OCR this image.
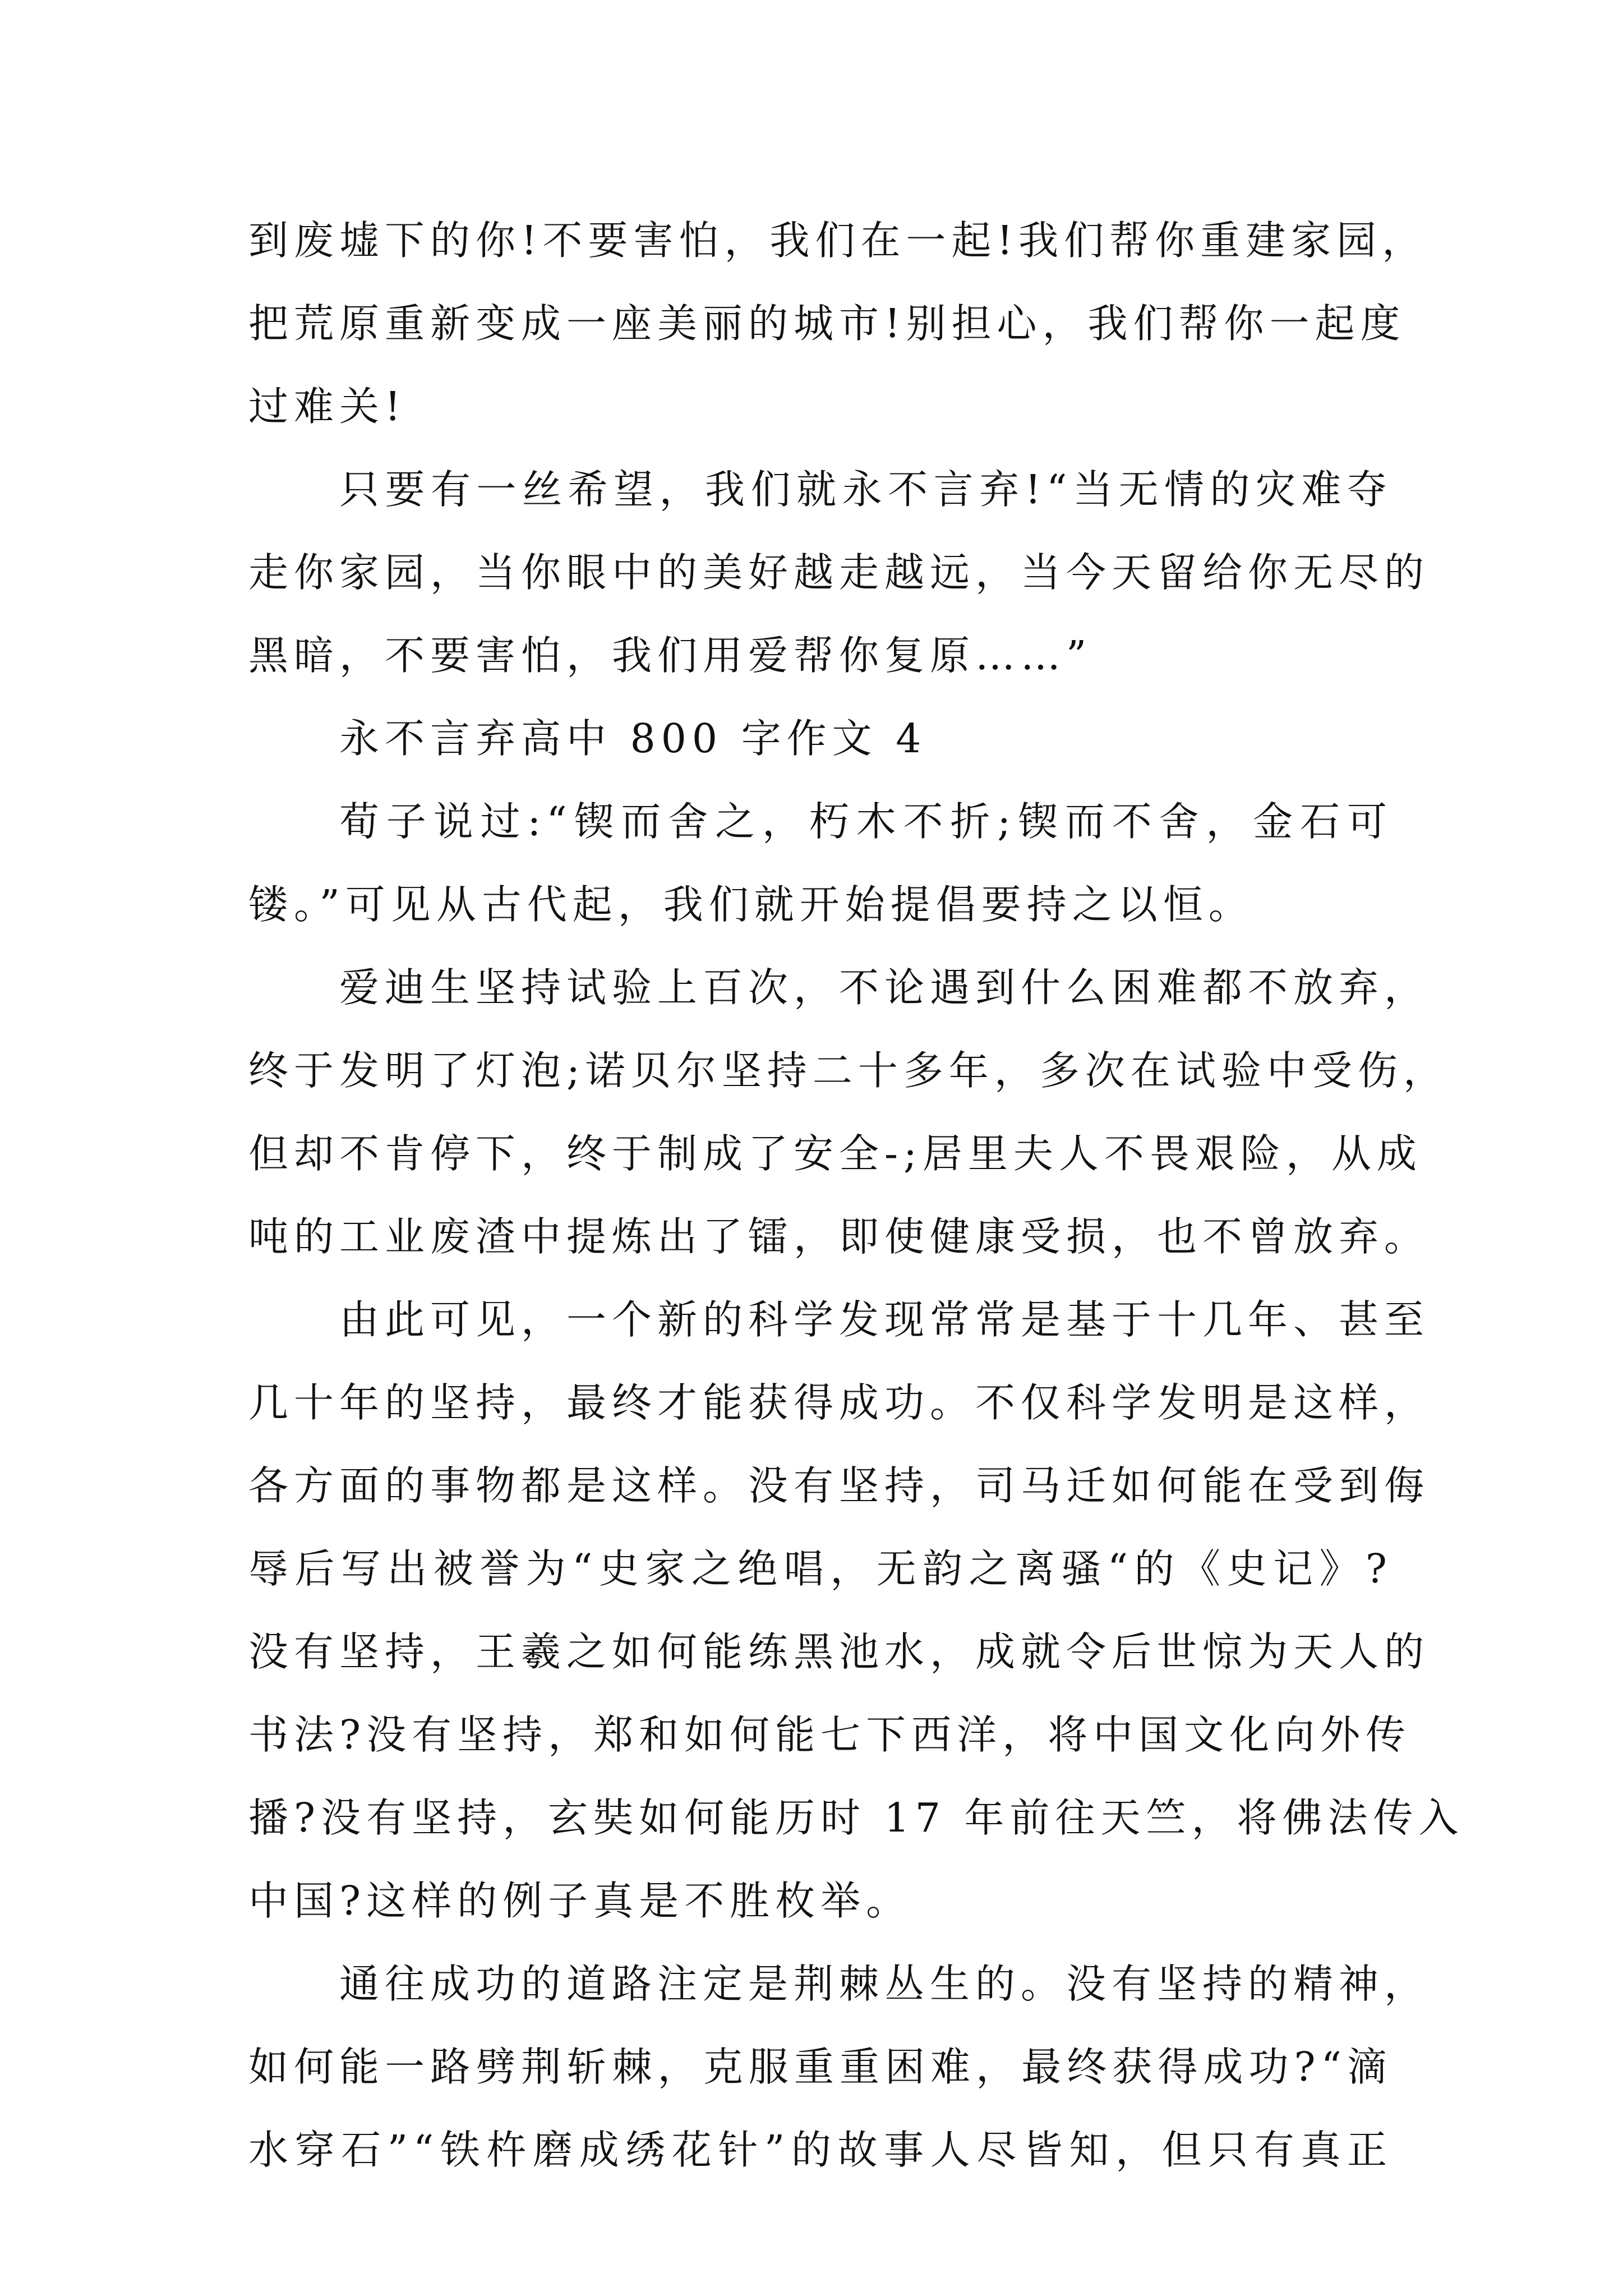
到废墟下的你!不要害怕，我们在一起!我们帮你重建家园，
把荒原重新变成一座美丽的城市!别担心，我们帮你一起度
过难关!

只要有一丝希望，我们就永不言弃!“当无情的灾难夺
走你家园，当你眼中的美好越走越远，当今天留给你无尽的
黑暗，不要害怕，我们用爱帮你复原……”

永不言弃高中 800 字作文 4

荀子说过:“锲而舍之，朽木不折;锲而不舍，金石可
镂。”可见从古代起，我们就开始提倡要持之以恒。

爱迪生坚持试验上百次，不论遇到什么困难都不放弃，
终于发明了灯泡;诺贝尔坚持二十多年，多次在试验中受伤，
但却不肯停下，终于制成了安全-;居里夫人不畏艰险，从成
吨的工业废渣中提炼出了镭，即使健康受损，也不曾放弃。

由此可见，一个新的科学发现常常是基于十几年、甚至
几十年的坚持，最终才能获得成功。不仅科学发明是这样，
各方面的事物都是这样。没有坚持，司马迁如何能在受到侮
辱后写出被誉为“史家之绝唱，无韵之离骚“的《史记》?
没有坚持，王羲之如何能练黑池水，成就令后世惊为天人的
书法?没有坚持，郑和如何能七下西洋，将中国文化向外传
播?没有坚持，玄奘如何能历时 17 年前往天竺，将佛法传入
中国?这样的例子真是不胜枚举。

通往成功的道路注定是荆棘丛生的。没有坚持的精神，
如何能一路劈荆斩棘，克服重重困难，最终获得成功?“滴
水穿石”“铁杵磨成绣花针”的故事人尽皆知，但只有真正
